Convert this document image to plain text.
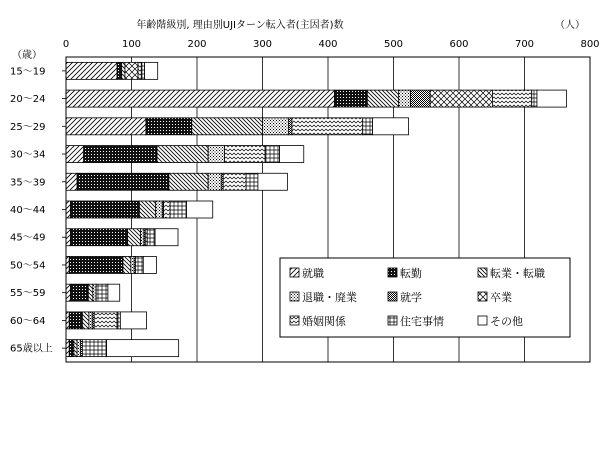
年齢階級別, 理由別UJIターン転入者(主因者)数	（人）
（歳）
0	100	200	300	400	500	600	700	800
15～19
20～24
25～29
30～34
35～39
40～44
45～49
50～54
55～59
60～64
65歳以上
就職	転勤	転業・転職
退職・廃業	就学	卒業
婚姻関係	住宅事情	その他
